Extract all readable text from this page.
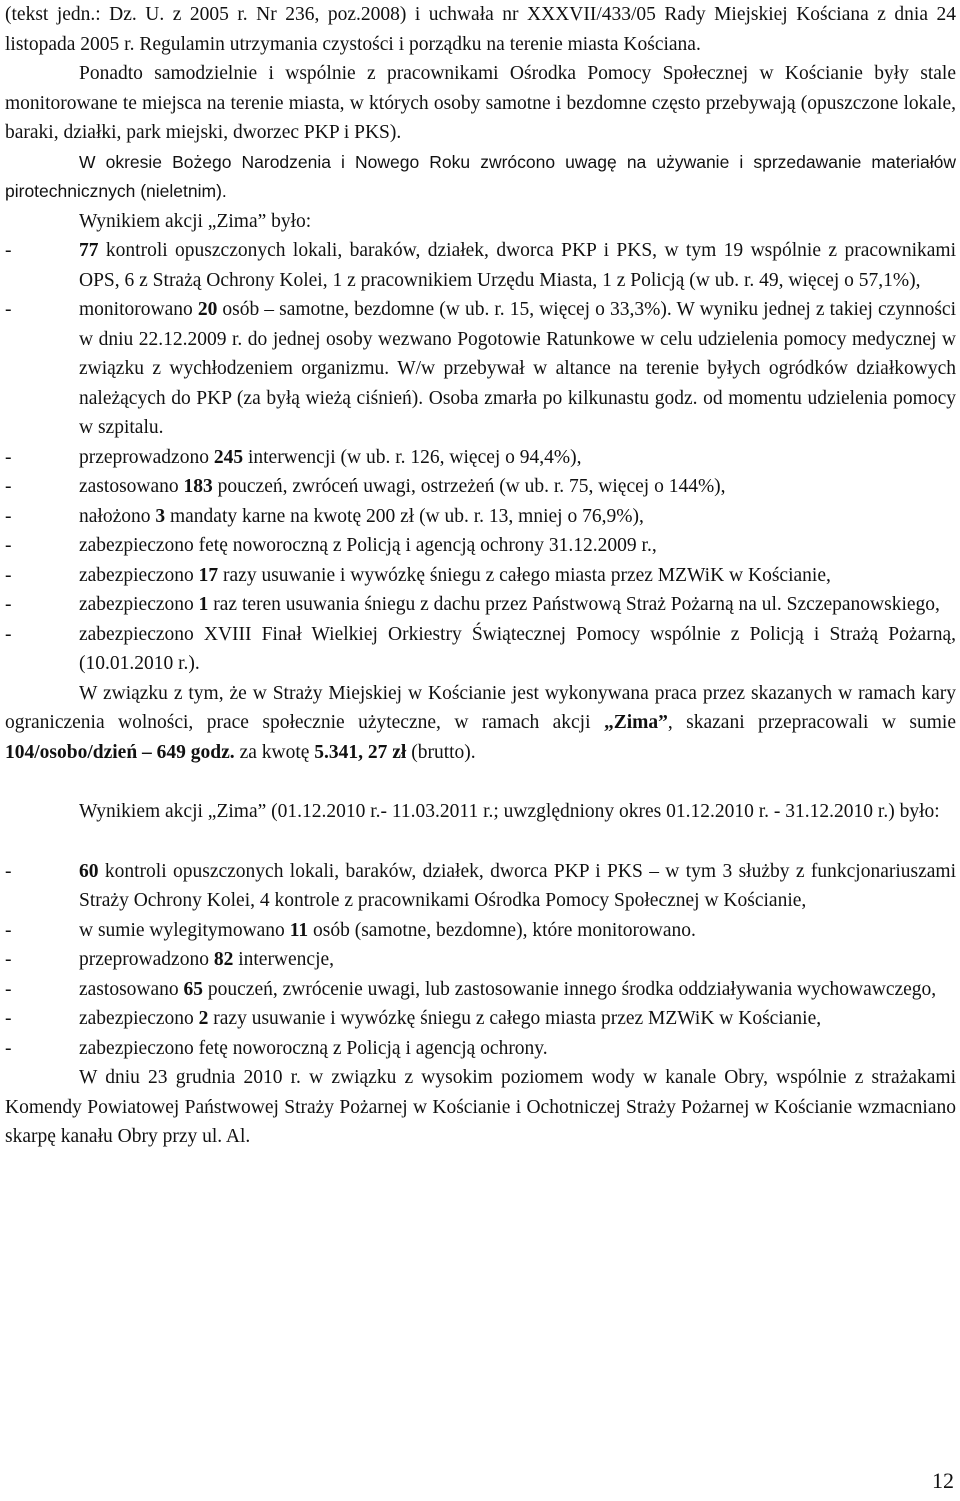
(tekst jedn.: Dz. U. z 2005 r. Nr 236, poz.2008) i uchwała nr XXXVII/433/05 Rady Miejskiej Kościana z dnia 24 listopada 2005 r. Regulamin utrzymania czystości i porządku na terenie miasta Kościana.

Ponadto samodzielnie i wspólnie z pracownikami Ośrodka Pomocy Społecznej w Kościanie były stale monitorowane te miejsca na terenie miasta, w których osoby samotne i bezdomne często przebywają (opuszczone lokale, baraki, działki, park miejski, dworzec PKP i PKS).

W okresie Bożego Narodzenia i Nowego Roku zwrócono uwagę na używanie i sprzedawanie materiałów pirotechnicznych (nieletnim).

Wynikiem akcji „Zima” było:

-	77 kontroli opuszczonych lokali, baraków, działek, dworca PKP i PKS, w tym 19 wspólnie z pracownikami OPS, 6 z Strażą Ochrony Kolei, 1 z pracownikiem Urzędu Miasta, 1 z Policją (w ub. r. 49, więcej o 57,1%),
-	monitorowano 20 osób – samotne, bezdomne (w ub. r. 15, więcej o 33,3%). W wyniku jednej z takiej czynności w dniu 22.12.2009 r. do jednej osoby wezwano Pogotowie Ratunkowe w celu udzielenia pomocy medycznej w związku z wychłodzeniem organizmu. W/w przebywał w altance na terenie byłych ogródków działkowych należących do PKP (za byłą wieżą ciśnień). Osoba zmarła po kilkunastu godz. od momentu udzielenia pomocy w szpitalu.
-	przeprowadzono 245 interwencji (w ub. r. 126, więcej o 94,4%),
-	zastosowano 183 pouczeń, zwróceń uwagi, ostrzeżeń (w ub. r. 75, więcej o 144%),
-	nałożono 3 mandaty karne na kwotę 200 zł (w ub. r. 13, mniej o 76,9%),
-	zabezpieczono fetę noworoczną z Policją i agencją ochrony 31.12.2009 r.,
-	zabezpieczono 17 razy usuwanie i wywózkę śniegu z całego miasta przez MZWiK w Kościanie,
-	zabezpieczono 1 raz teren usuwania śniegu z dachu przez Państwową Straż Pożarną na ul. Szczepanowskiego,
-	zabezpieczono XVIII Finał Wielkiej Orkiestry Świątecznej Pomocy wspólnie z Policją i Strażą Pożarną, (10.01.2010 r.).

W związku z tym, że w Straży Miejskiej w Kościanie jest wykonywana praca przez skazanych w ramach kary ograniczenia wolności, prace społecznie użyteczne, w ramach akcji „Zima”, skazani przepracowali w sumie 104/osobo/dzień – 649 godz. za kwotę 5.341, 27 zł (brutto).

Wynikiem akcji „Zima” (01.12.2010 r.- 11.03.2011 r.; uwzględniony okres 01.12.2010 r. - 31.12.2010 r.) było:

-	60 kontroli opuszczonych lokali, baraków, działek, dworca PKP i PKS – w tym 3 służby z funkcjonariuszami Straży Ochrony Kolei, 4 kontrole z pracownikami Ośrodka Pomocy Społecznej w Kościanie,
-	w sumie wylegitymowano 11 osób (samotne, bezdomne), które monitorowano.
-	przeprowadzono 82 interwencje,
-	zastosowano 65 pouczeń, zwrócenie uwagi, lub zastosowanie innego środka oddziaływania wychowawczego,
-	zabezpieczono 2 razy usuwanie i wywózkę śniegu z całego miasta przez MZWiK w Kościanie,
-	zabezpieczono fetę noworoczną z Policją i agencją ochrony.

W dniu 23 grudnia 2010 r. w związku z wysokim poziomem wody w kanale Obry, wspólnie z strażakami Komendy Powiatowej Państwowej Straży Pożarnej w Kościanie i Ochotniczej Straży Pożarnej w Kościanie wzmacniano skarpę kanału Obry przy ul. Al.

12
